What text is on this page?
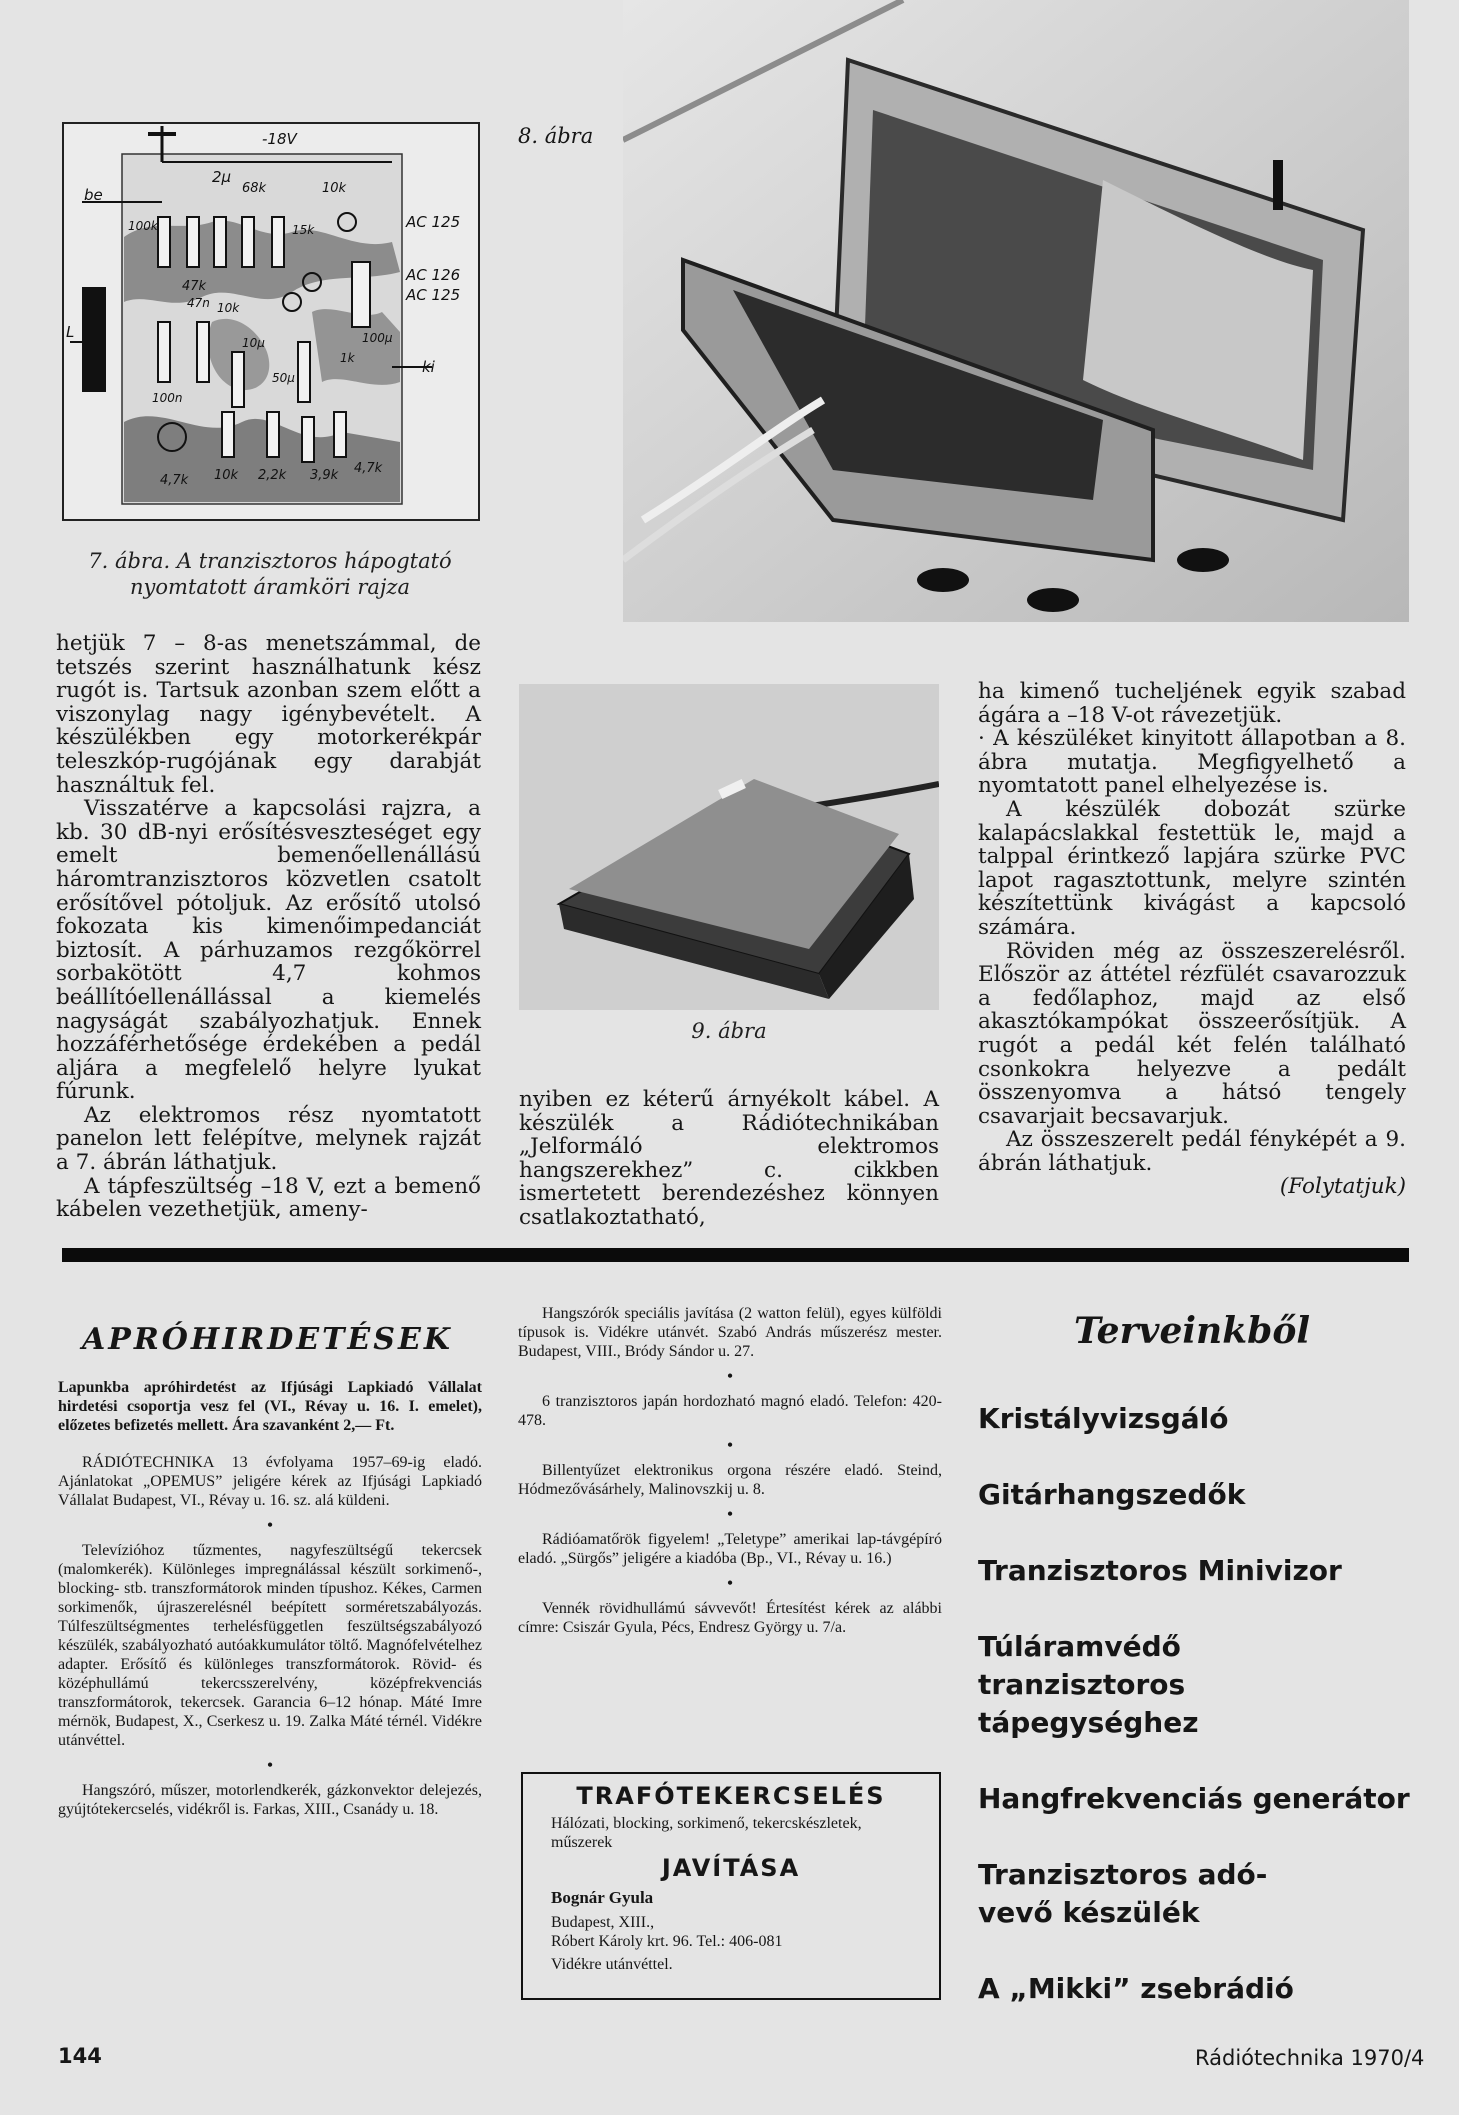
-18V
be
ki
L
AC 125
AC 126
AC 125
100k
2µ
68k	10k
15k
47k
47n 10k
100n
10µ
50µ
100µ
1k
4,7k 10k 2,2k 3,9k 4,7k
7. ábra. A tranzisztoros hápogtató nyomtatott áramköri rajza
8. ábra
9. ábra

hetjük 7 – 8-as menetszámmal, de tetszés szerint használhatunk kész rugót is. Tartsuk azonban szem előtt a viszonylag nagy igénybevételt. A készülékben egy motorkerékpár teleszkóp-rugójának egy darabját használtuk fel.

Visszatérve a kapcsolási rajzra, a kb. 30 dB-nyi erősítésveszteséget egy emelt bemenőellenállású háromtranzisztoros közvetlen csatolt erősítővel pótoljuk. Az erősítő utolsó fokozata kis kimenőimpedanciát biztosít. A párhuzamos rezgőkörrel sorbakötött 4,7 kohmos beállítóellenállással a kiemelés nagyságát szabályozhatjuk. Ennek hozzáférhetősége érdekében a pedál aljára a megfelelő helyre lyukat fúrunk.

Az elektromos rész nyomtatott panelon lett felépítve, melynek rajzát a 7. ábrán láthatjuk.

A tápfeszültség –18 V, ezt a bemenő kábelen vezethetjük, ameny-

nyiben ez kéterű árnyékolt kábel. A készülék a Rádiótechnikában „Jelformáló elektromos hangszerekhez” c. cikkben ismertetett berendezéshez könnyen csatlakoztatható,

ha kimenő tucheljének egyik szabad ágára a –18 V-ot rávezetjük.

· A készüléket kinyitott állapotban a 8. ábra mutatja. Megfigyelhető a nyomtatott panel elhelyezése is.

A készülék dobozát szürke kalapácslakkal festettük le, majd a talppal érintkező lapjára szürke PVC lapot ragasztottunk, melyre szintén készítettünk kivágást a kapcsoló számára.

Röviden még az összeszerelésről. Először az áttétel rézfülét csavarozzuk a fedőlaphoz, majd az első akasztókampókat összeerősítjük. A rugót a pedál két felén található csonkokra helyezve a pedált összenyomva a hátsó tengely csavarjait becsavarjuk.

Az összeszerelt pedál fényképét a 9. ábrán láthatjuk.

(Folytatjuk)

APRÓHIRDETÉSEK

Lapunkba apróhirdetést az Ifjúsági Lapkiadó Vállalat hirdetési csoportja vesz fel (VI., Révay u. 16. I. emelet), előzetes befizetés mellett. Ára szavanként 2,— Ft.

RÁDIÓTECHNIKA 13 évfolyama 1957–69-ig eladó. Ajánlatokat „OPEMUS” jeligére kérek az Ifjúsági Lapkiadó Vállalat Budapest, VI., Révay u. 16. sz. alá küldeni.

•

Televízióhoz tűzmentes, nagyfeszültségű tekercsek (malomkerék). Különleges impregnálással készült sorkimenő-, blocking- stb. transzformátorok minden típushoz. Kékes, Carmen sorkimenők, újraszerelésnél beépített sorméretszabályozás. Túlfeszültségmentes terhelésfüggetlen feszültségszabályozó készülék, szabályozható autóakkumulátor töltő. Magnófelvételhez adapter. Erősítő és különleges transzformátorok. Rövid- és középhullámú tekercsszerelvény, középfrekvenciás transzformátorok, tekercsek. Garancia 6–12 hónap. Máté Imre mérnök, Budapest, X., Cserkesz u. 19. Zalka Máté térnél. Vidékre utánvéttel.

•

Hangszóró, műszer, motorlendkerék, gázkonvektor delejezés, gyújtótekercselés, vidékről is. Farkas, XIII., Csanády u. 18.

Hangszórók speciális javítása (2 watton felül), egyes külföldi típusok is. Vidékre utánvét. Szabó András műszerész mester. Budapest, VIII., Bródy Sándor u. 27.

•

6 tranzisztoros japán hordozható magnó eladó. Telefon: 420-478.

•

Billentyűzet elektronikus orgona részére eladó. Steind, Hódmezővásárhely, Malinovszkij u. 8.

•

Rádióamatőrök figyelem! „Teletype” amerikai lap-távgépíró eladó. „Sürgős” jeligére a kiadóba (Bp., VI., Révay u. 16.)

•

Vennék rövidhullámú sávvevőt! Értesítést kérek az alábbi címre: Csiszár Gyula, Pécs, Endresz György u. 7/a.

TRAFÓTEKERCSELÉS
Hálózati, blocking, sorkimenő, tekercskészletek, műszerek
JAVÍTÁSA
Bognár Gyula
Budapest, XIII.,
Róbert Károly krt. 96. Tel.: 406-081
Vidékre utánvéttel.
Terveinkből
Kristályvizsgáló
Gitárhangszedők
Tranzisztoros Minivizor
Túláramvédő tranzisztoros tápegységhez
Hangfrekvenciás generátor
Tranzisztoros adó-vevő készülék
A „Mikki” zsebrádió
144	Rádiótechnika 1970/4
